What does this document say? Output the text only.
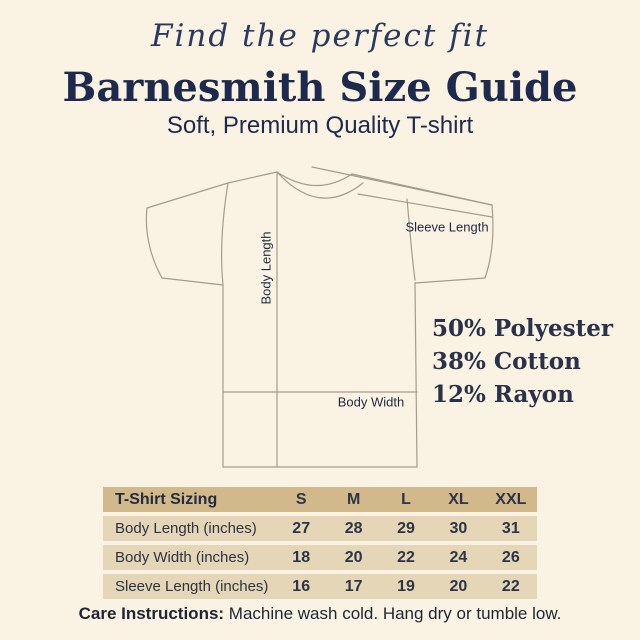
Find the perfect fit
Barnesmith Size Guide
Soft, Premium Quality T-shirt
Body Length
Sleeve Length
Body Width
50% Polyester
38% Cotton
12% Rayon
T-Shirt Sizing	S	M	L	XL	XXL
Body Length (inches)	27	28	29	30	31
Body Width (inches)	18	20	22	24	26
Sleeve Length (inches)	16	17	19	20	22
Care Instructions: Machine wash cold. Hang dry or tumble low.
